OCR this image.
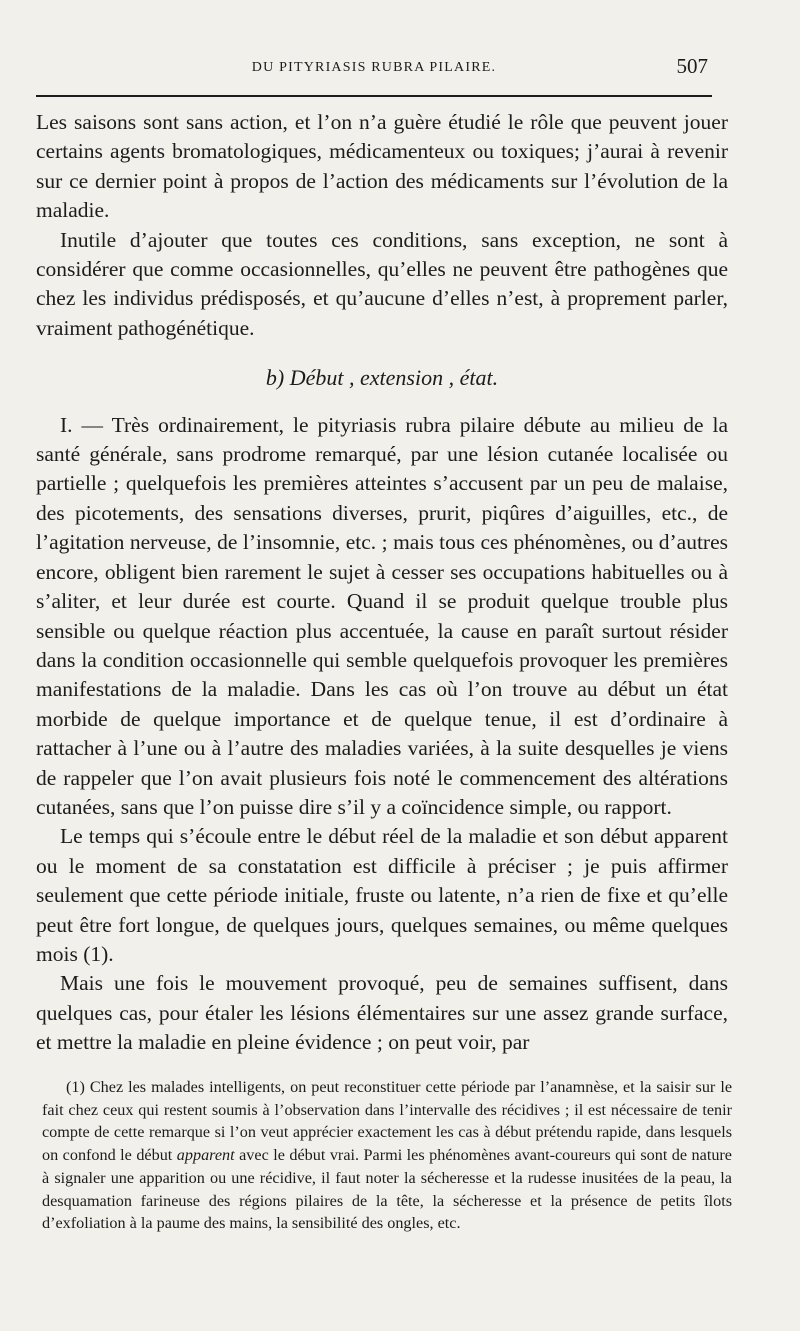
DU PITYRIASIS RUBRA PILAIRE.	507

Les saisons sont sans action, et l’on n’a guère étudié le rôle que peuvent jouer certains agents bromatologiques, médicamenteux ou toxiques; j’aurai à revenir sur ce dernier point à propos de l’action des médicaments sur l’évolution de la maladie.

Inutile d’ajouter que toutes ces conditions, sans exception, ne sont à considérer que comme occasionnelles, qu’elles ne peuvent être pathogènes que chez les individus prédisposés, et qu’aucune d’elles n’est, à proprement parler, vraiment pathogénétique.

b) Début , extension , état.

I. — Très ordinairement, le pityriasis rubra pilaire débute au milieu de la santé générale, sans prodrome remarqué, par une lésion cutanée localisée ou partielle ; quelquefois les premières atteintes s’accusent par un peu de malaise, des picotements, des sensations diverses, prurit, piqûres d’aiguilles, etc., de l’agitation nerveuse, de l’insomnie, etc. ; mais tous ces phénomènes, ou d’autres encore, obligent bien rarement le sujet à cesser ses occupations habituelles ou à s’aliter, et leur durée est courte. Quand il se produit quelque trouble plus sensible ou quelque réaction plus accentuée, la cause en paraît surtout résider dans la condition occasionnelle qui semble quelquefois provoquer les premières manifestations de la maladie. Dans les cas où l’on trouve au début un état morbide de quelque importance et de quelque tenue, il est d’ordinaire à rattacher à l’une ou à l’autre des maladies variées, à la suite desquelles je viens de rappeler que l’on avait plusieurs fois noté le commencement des altérations cutanées, sans que l’on puisse dire s’il y a coïncidence simple, ou rapport.

Le temps qui s’écoule entre le début réel de la maladie et son début apparent ou le moment de sa constatation est difficile à préciser ; je puis affirmer seulement que cette période initiale, fruste ou latente, n’a rien de fixe et qu’elle peut être fort longue, de quelques jours, quelques semaines, ou même quelques mois (1).

Mais une fois le mouvement provoqué, peu de semaines suffisent, dans quelques cas, pour étaler les lésions élémentaires sur une assez grande surface, et mettre la maladie en pleine évidence ; on peut voir, par

(1) Chez les malades intelligents, on peut reconstituer cette période par l’anamnèse, et la saisir sur le fait chez ceux qui restent soumis à l’observation dans l’intervalle des récidives ; il est nécessaire de tenir compte de cette remarque si l’on veut apprécier exactement les cas à début prétendu rapide, dans lesquels on confond le début apparent avec le début vrai. Parmi les phénomènes avant-coureurs qui sont de nature à signaler une apparition ou une récidive, il faut noter la sécheresse et la rudesse inusitées de la peau, la desquamation farineuse des régions pilaires de la tête, la sécheresse et la présence de petits îlots d’exfoliation à la paume des mains, la sensibilité des ongles, etc.
